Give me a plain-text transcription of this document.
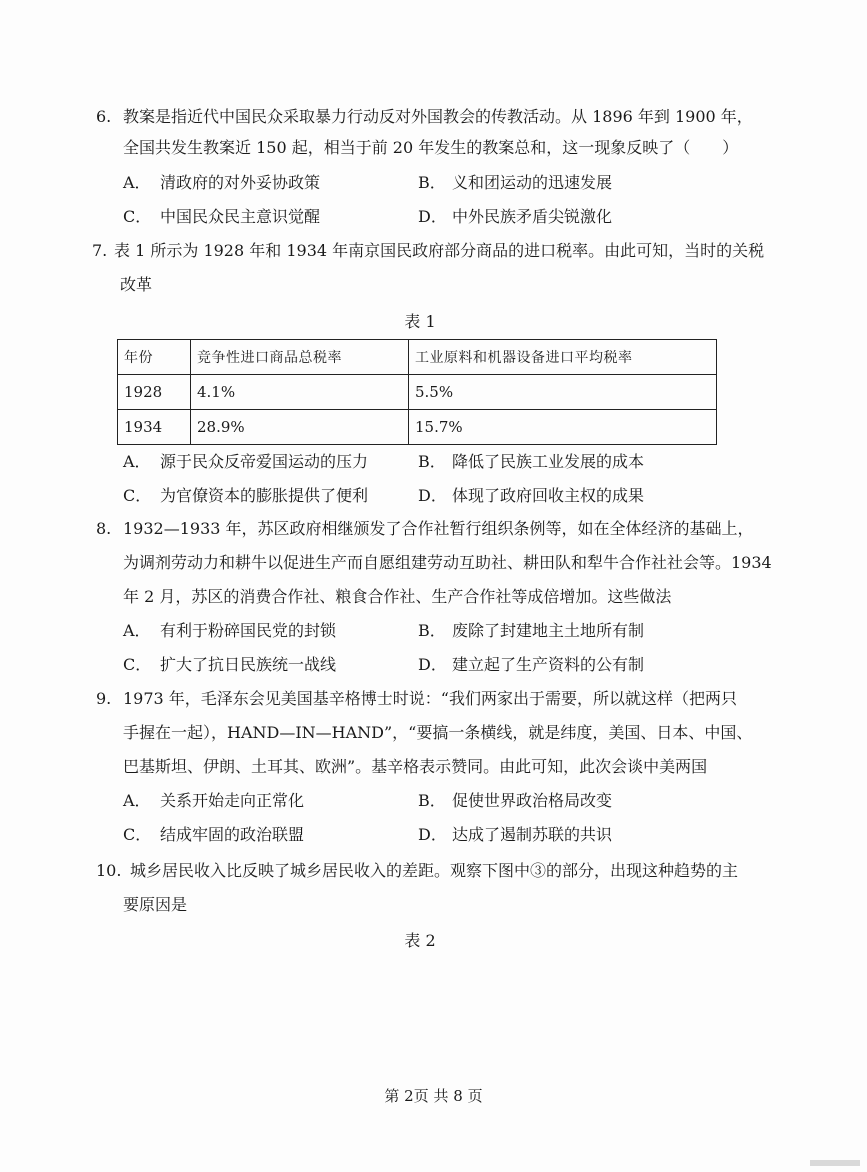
6. 教案是指近代中国民众采取暴力行动反对外国教会的传教活动。从 1896 年到 1900 年，
全国共发生教案近 150 起，相当于前 20 年发生的教案总和，这一现象反映了（　　）
A． 清政府的对外妥协政策	B． 义和团运动的迅速发展
C． 中国民众民主意识觉醒	D． 中外民族矛盾尖锐激化
7. 表 1 所示为 1928 年和 1934 年南京国民政府部分商品的进口税率。由此可知，当时的关税
改革
表 1
年份	竞争性进口商品总税率	工业原料和机器设备进口平均税率
1928	4.1%	5.5%
1934	28.9%	15.7%
A． 源于民众反帝爱国运动的压力	B． 降低了民族工业发展的成本
C． 为官僚资本的膨胀提供了便利	D． 体现了政府回收主权的成果
8. 1932—1933 年，苏区政府相继颁发了合作社暂行组织条例等，如在全体经济的基础上，
为调剂劳动力和耕牛以促进生产而自愿组建劳动互助社、耕田队和犁牛合作社社会等。1934
年 2 月，苏区的消费合作社、粮食合作社、生产合作社等成倍增加。这些做法
A． 有利于粉碎国民党的封锁	B． 废除了封建地主土地所有制
C． 扩大了抗日民族统一战线	D． 建立起了生产资料的公有制
9. 1973 年，毛泽东会见美国基辛格博士时说：“我们两家出于需要，所以就这样（把两只
手握在一起），HAND—IN—HAND”，“要搞一条横线，就是纬度，美国、日本、中国、
巴基斯坦、伊朗、土耳其、欧洲”。基辛格表示赞同。由此可知，此次会谈中美两国
A． 关系开始走向正常化	B． 促使世界政治格局改变
C． 结成牢固的政治联盟	D． 达成了遏制苏联的共识
10. 城乡居民收入比反映了城乡居民收入的差距。观察下图中③的部分，出现这种趋势的主
要原因是
表 2
第 2页 共 8 页
